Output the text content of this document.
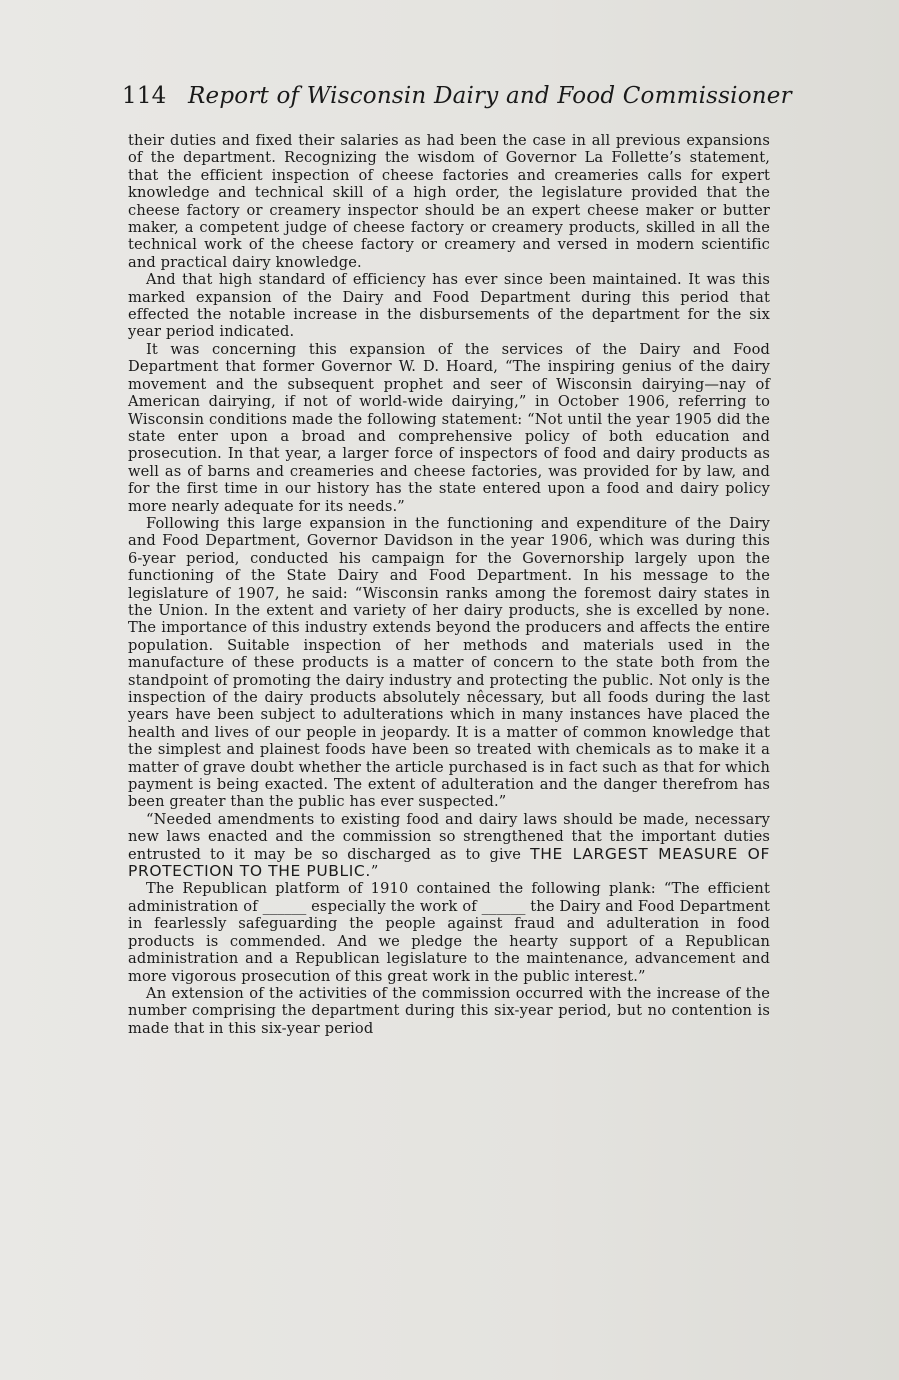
114 Report of Wisconsin Dairy and Food Commissioner

their duties and fixed their salaries as had been the case in all previous expansions of the department. Recognizing the wisdom of Governor La Follette’s statement, that the efficient inspection of cheese factories and creameries calls for expert knowledge and technical skill of a high order, the legislature provided that the cheese factory or creamery inspector should be an expert cheese maker or butter maker, a competent judge of cheese factory or creamery products, skilled in all the technical work of the cheese factory or creamery and versed in modern scientific and practical dairy knowledge.

And that high standard of efficiency has ever since been maintained. It was this marked expansion of the Dairy and Food Department during this period that effected the notable increase in the disbursements of the department for the six year period indicated.

It was concerning this expansion of the services of the Dairy and Food Department that former Governor W. D. Hoard, “The inspiring genius of the dairy movement and the subsequent prophet and seer of Wisconsin dairying—nay of American dairying, if not of world-wide dairying,” in October 1906, referring to Wisconsin conditions made the following statement: “Not until the year 1905 did the state enter upon a broad and comprehensive policy of both education and prosecution. In that year, a larger force of inspectors of food and dairy products as well as of barns and creameries and cheese factories, was provided for by law, and for the first time in our history has the state entered upon a food and dairy policy more nearly adequate for its needs.”

Following this large expansion in the functioning and expenditure of the Dairy and Food Department, Governor Davidson in the year 1906, which was during this 6-year period, conducted his campaign for the Governorship largely upon the functioning of the State Dairy and Food Department. In his message to the legislature of 1907, he said: “Wisconsin ranks among the foremost dairy states in the Union. In the extent and variety of her dairy products, she is excelled by none. The importance of this industry extends beyond the producers and affects the entire population. Suitable inspection of her methods and materials used in the manufacture of these products is a matter of concern to the state both from the standpoint of promoting the dairy industry and protecting the public. Not only is the inspection of the dairy products absolutely nêcessary, but all foods during the last years have been subject to adulterations which in many instances have placed the health and lives of our people in jeopardy. It is a matter of common knowledge that the simplest and plainest foods have been so treated with chemicals as to make it a matter of grave doubt whether the article purchased is in fact such as that for which payment is being exacted. The extent of adulteration and the danger therefrom has been greater than the public has ever suspected.”

“Needed amendments to existing food and dairy laws should be made, necessary new laws enacted and the commission so strengthened that the important duties entrusted to it may be so discharged as to give THE LARGEST MEASURE OF PROTECTION TO THE PUBLIC.”

The Republican platform of 1910 contained the following plank: “The efficient administration of ______ especially the work of ______ the Dairy and Food Department in fearlessly safeguarding the people against fraud and adulteration in food products is commended. And we pledge the hearty support of a Republican administration and a Republican legislature to the maintenance, advancement and more vigorous prosecution of this great work in the public interest.”

An extension of the activities of the commission occurred with the increase of the number comprising the department during this six-year period, but no contention is made that in this six-year period
